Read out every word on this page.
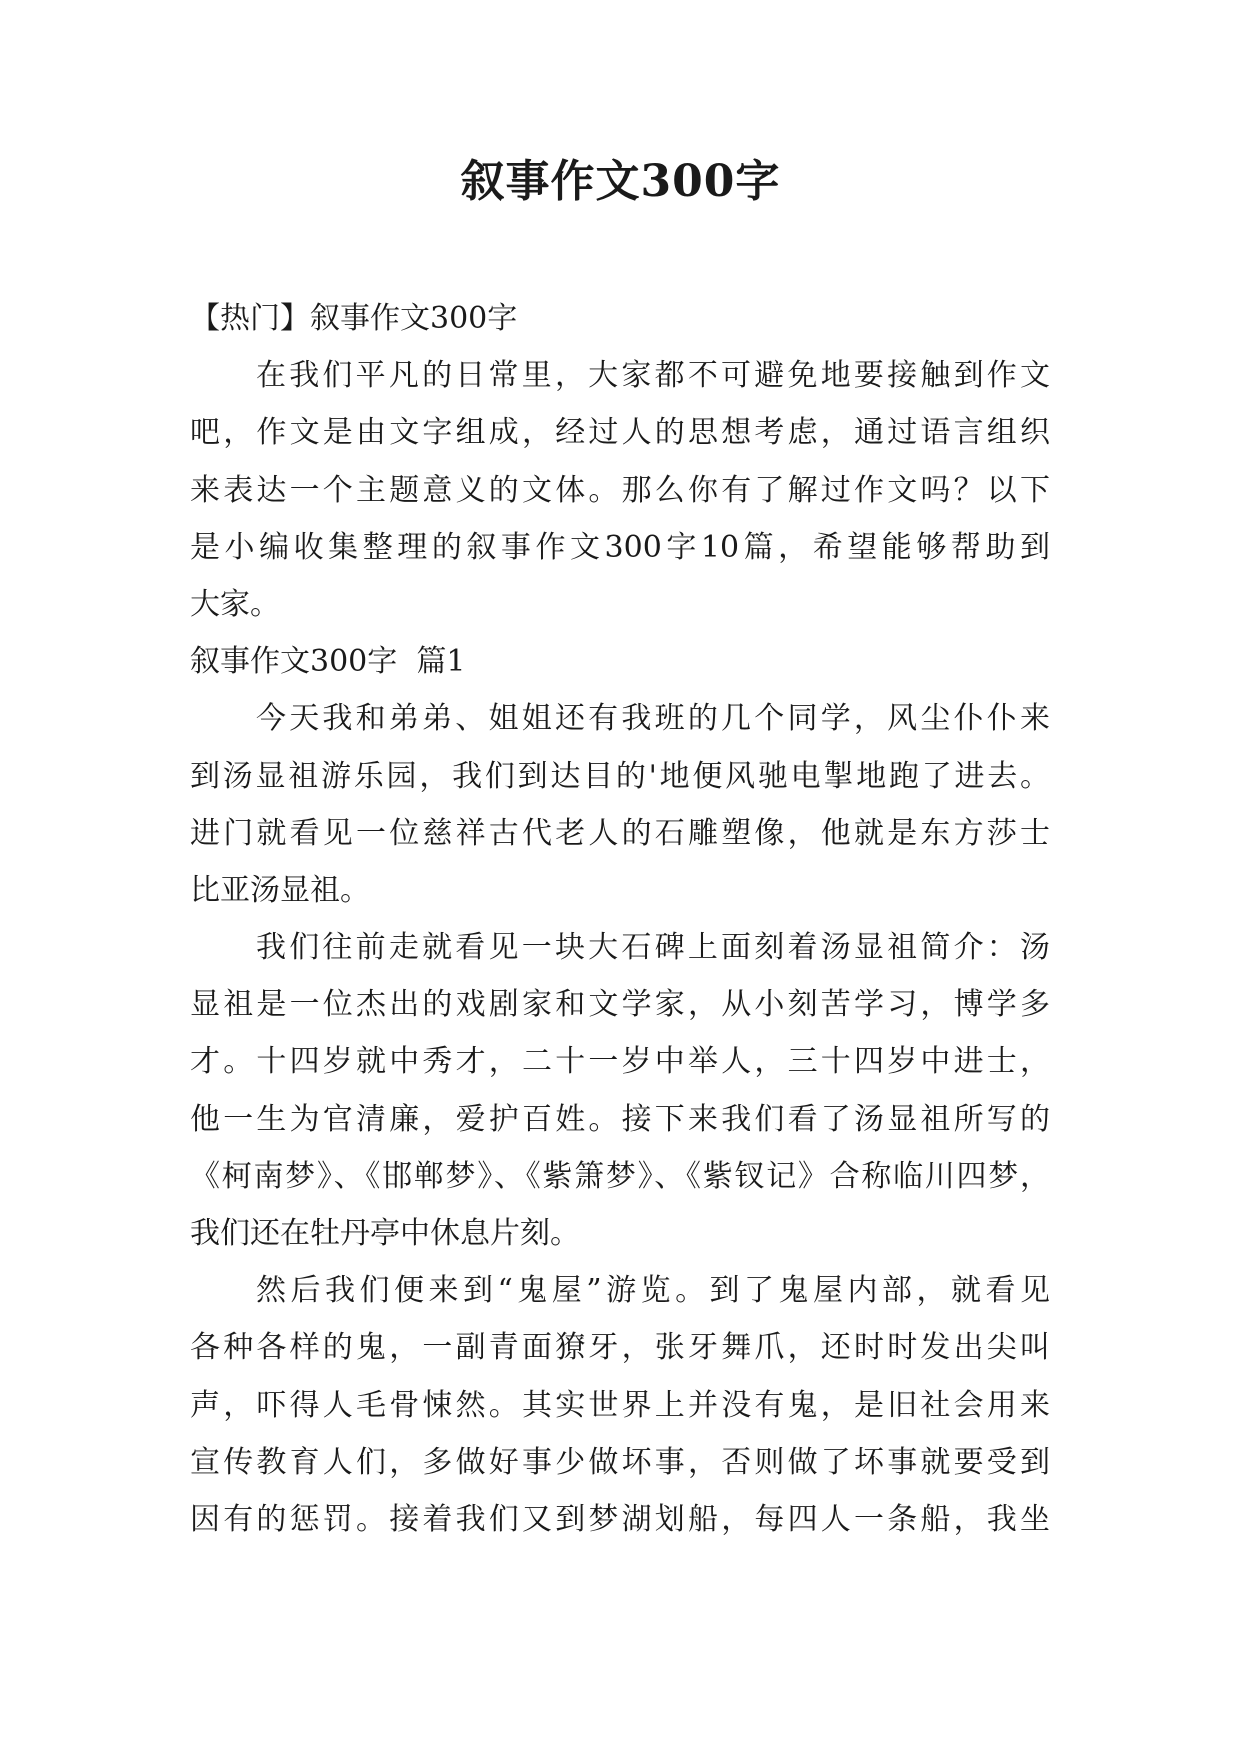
叙事作文300字
【热门】叙事作文300字
在我们平凡的日常里，大家都不可避免地要接触到作文
吧，作文是由文字组成，经过人的思想考虑，通过语言组织
来表达一个主题意义的文体。那么你有了解过作文吗？以下
是小编收集整理的叙事作文300字10篇，希望能够帮助到
大家。
叙事作文300字  篇1
今天我和弟弟、姐姐还有我班的几个同学，风尘仆仆来
到汤显祖游乐园，我们到达目的'地便风驰电掣地跑了进去。
进门就看见一位慈祥古代老人的石雕塑像，他就是东方莎士
比亚汤显祖。
我们往前走就看见一块大石碑上面刻着汤显祖简介：汤
显祖是一位杰出的戏剧家和文学家，从小刻苦学习，博学多
才。十四岁就中秀才，二十一岁中举人，三十四岁中进士，
他一生为官清廉，爱护百姓。接下来我们看了汤显祖所写的
《柯南梦》、《邯郸梦》、《紫箫梦》、《紫钗记》合称临川四梦，
我们还在牡丹亭中休息片刻。
然后我们便来到“鬼屋”游览。到了鬼屋内部，就看见
各种各样的鬼，一副青面獠牙，张牙舞爪，还时时发出尖叫
声，吓得人毛骨悚然。其实世界上并没有鬼，是旧社会用来
宣传教育人们，多做好事少做坏事，否则做了坏事就要受到
因有的惩罚。接着我们又到梦湖划船，每四人一条船，我坐
